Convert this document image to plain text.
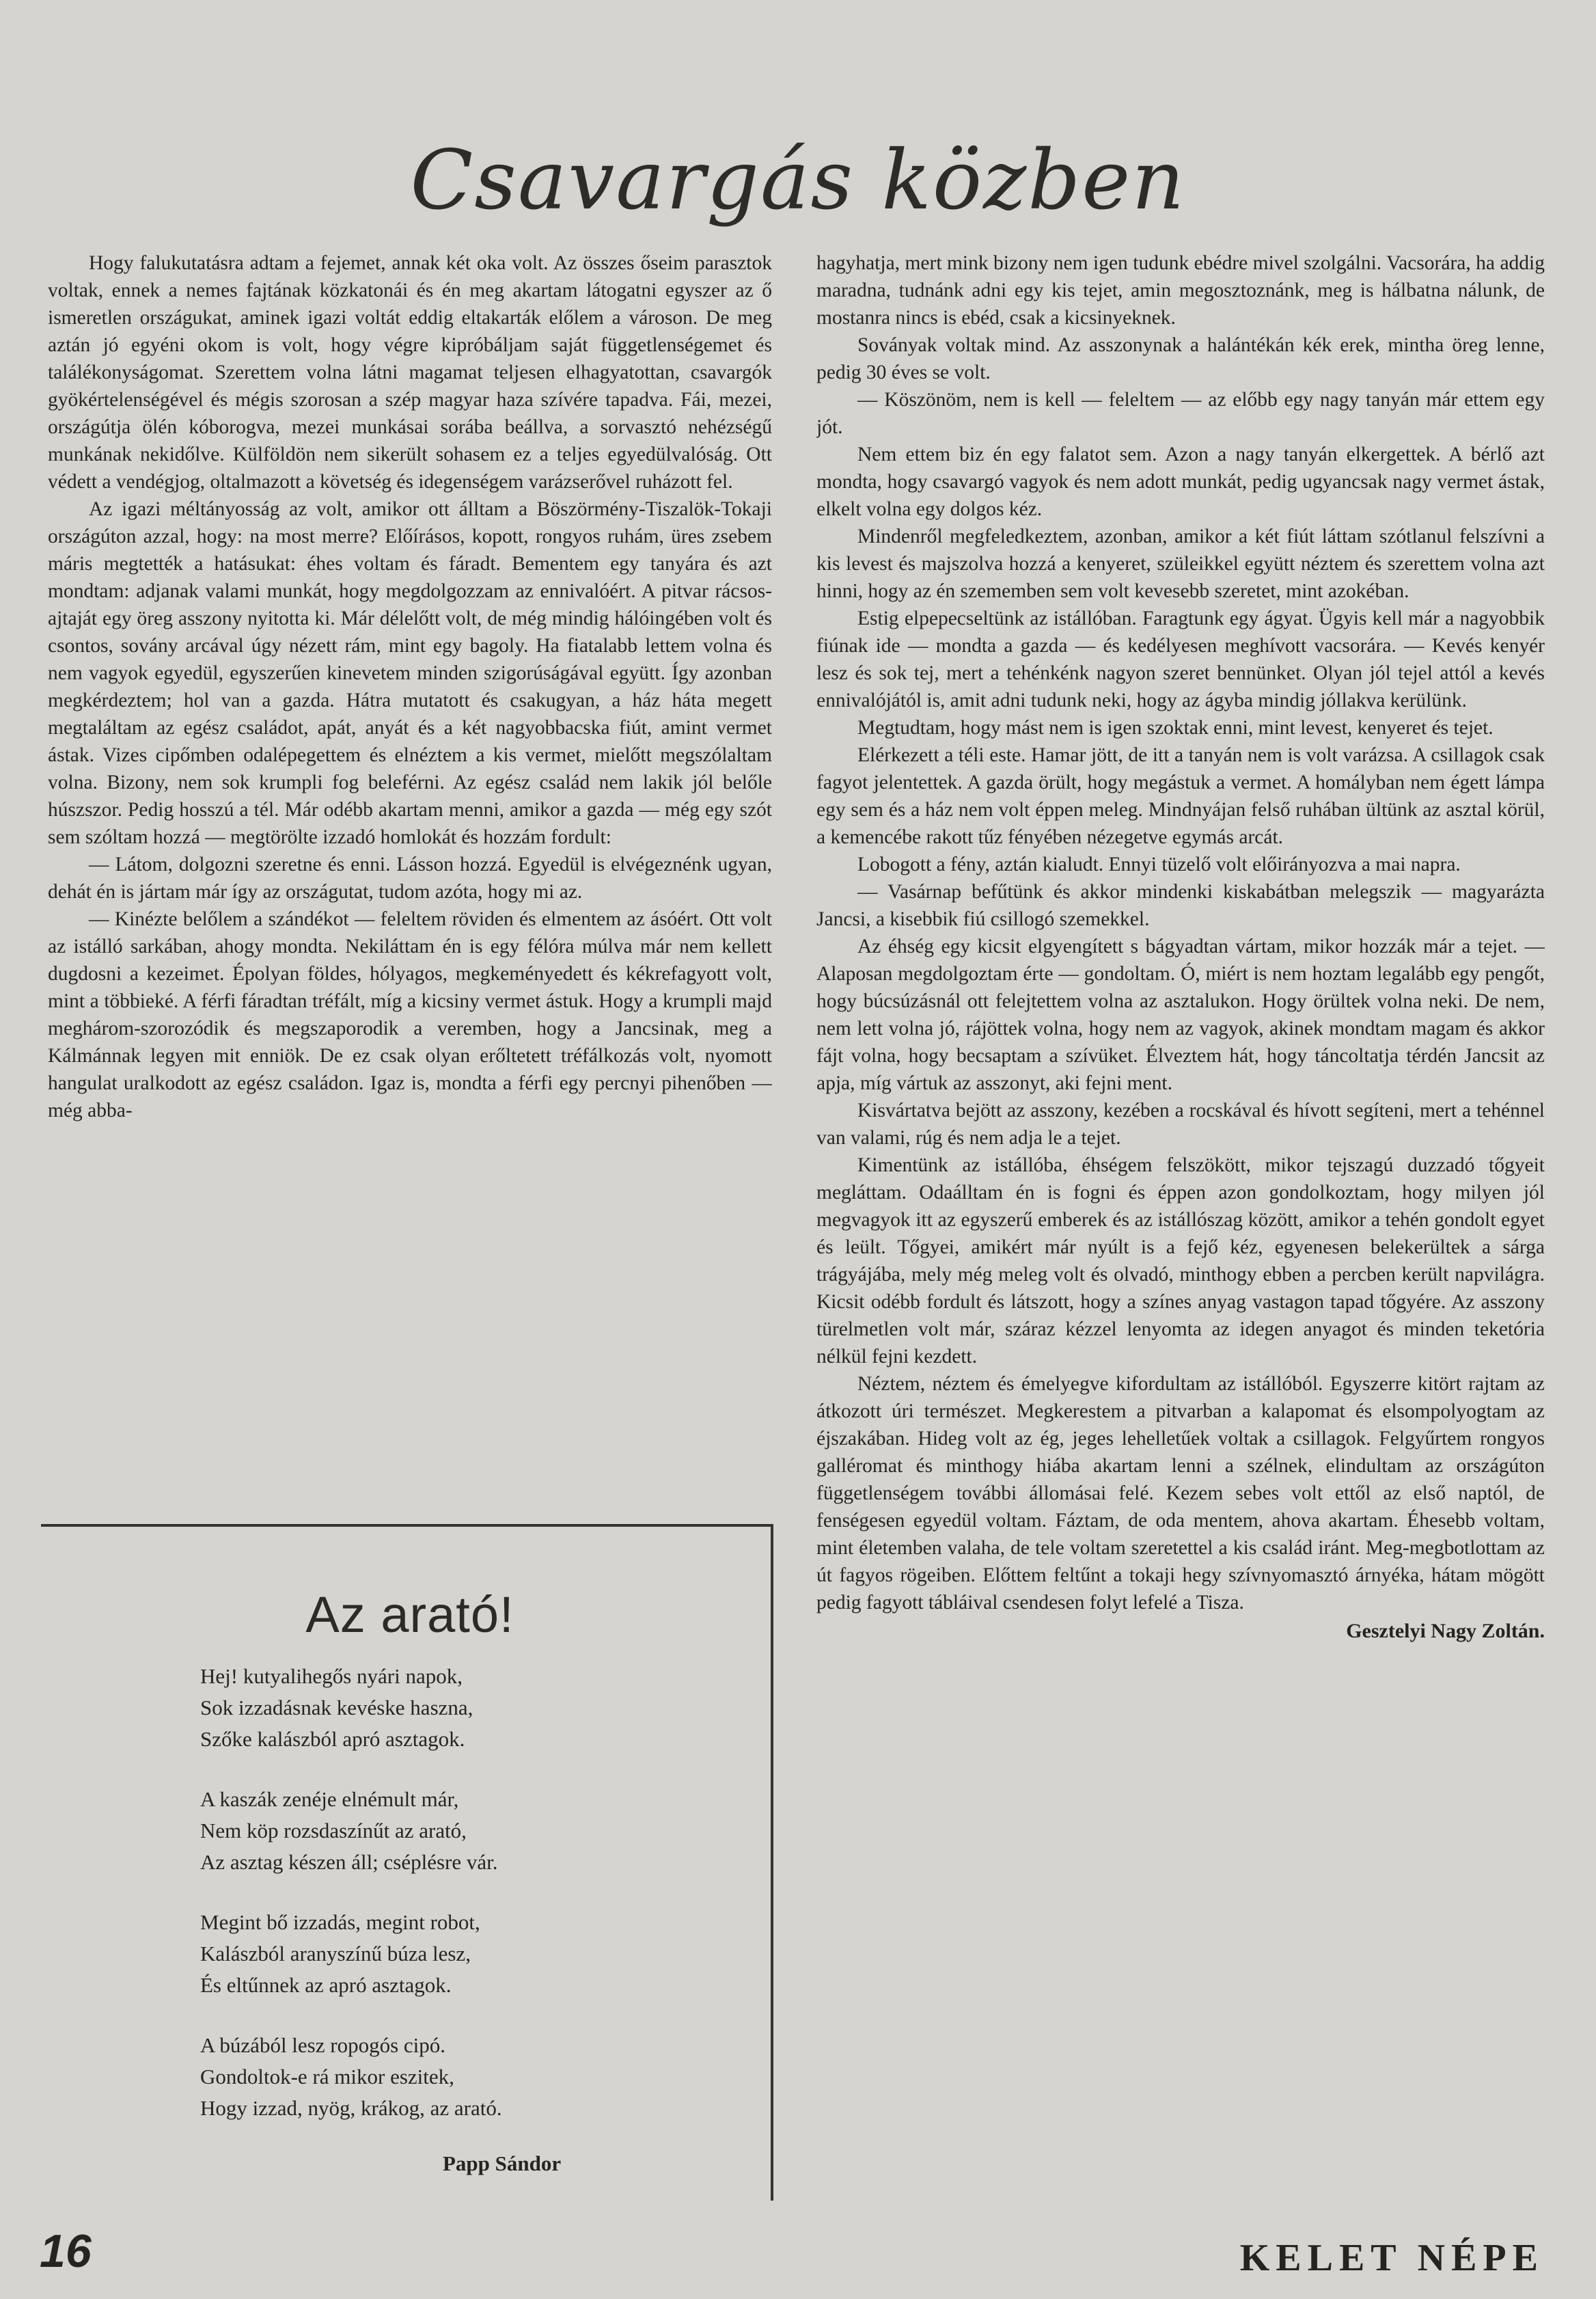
Csavargás közben

Hogy falukutatásra adtam a fejemet, annak két oka volt. Az összes őseim parasztok voltak, ennek a nemes fajtának közkatonái és én meg akartam látogatni egyszer az ő ismeretlen országukat, aminek igazi voltát eddig eltakarták előlem a városon. De meg aztán jó egyéni okom is volt, hogy végre kipróbáljam saját függetlenségemet és találékonyságomat. Szerettem volna látni magamat teljesen elhagyatottan, csavargók gyökértelenségével és mégis szorosan a szép magyar haza szívére tapadva. Fái, mezei, országútja ölén kóborogva, mezei munkásai sorába beállva, a sorvasztó nehézségű munkának nekidőlve. Külföldön nem sikerült sohasem ez a teljes egyedülvalóság. Ott védett a vendégjog, oltalmazott a követség és idegenségem varázserővel ruházott fel.

Az igazi méltányosság az volt, amikor ott álltam a Böszörmény-Tiszalök-Tokaji országúton azzal, hogy: na most merre? Előírásos, kopott, rongyos ruhám, üres zsebem máris megtették a hatásukat: éhes voltam és fáradt. Bementem egy tanyára és azt mondtam: adjanak valami munkát, hogy megdolgozzam az ennivalóért. A pitvar rácsos-ajtaját egy öreg asszony nyitotta ki. Már délelőtt volt, de még mindig hálóingében volt és csontos, sovány arcával úgy nézett rám, mint egy bagoly. Ha fiatalabb lettem volna és nem vagyok egyedül, egyszerűen kinevetem minden szigorúságával együtt. Így azonban megkérdeztem; hol van a gazda. Hátra mutatott és csakugyan, a ház háta megett megtaláltam az egész családot, apát, anyát és a két nagyobbacska fiút, amint vermet ástak. Vizes cipőmben odalépegettem és elnéztem a kis vermet, mielőtt megszólaltam volna. Bizony, nem sok krumpli fog beleférni. Az egész család nem lakik jól belőle húszszor. Pedig hosszú a tél. Már odébb akartam menni, amikor a gazda — még egy szót sem szóltam hozzá — megtörölte izzadó homlokát és hozzám fordult:

— Látom, dolgozni szeretne és enni. Lásson hozzá. Egyedül is elvégeznénk ugyan, dehát én is jártam már így az országutat, tudom azóta, hogy mi az.

— Kinézte belőlem a szándékot — feleltem röviden és elmentem az ásóért. Ott volt az istálló sarkában, ahogy mondta. Nekiláttam én is egy félóra múlva már nem kellett dugdosni a kezeimet. Épolyan földes, hólyagos, megkeményedett és kékrefagyott volt, mint a többieké. A férfi fáradtan tréfált, míg a kicsiny vermet ástuk. Hogy a krumpli majd meghárom-szorozódik és megszaporodik a veremben, hogy a Jancsinak, meg a Kálmánnak legyen mit enniök. De ez csak olyan erőltetett tréfálkozás volt, nyomott hangulat uralkodott az egész családon. Igaz is, mondta a férfi egy percnyi pihenőben — még abba-

hagyhatja, mert mink bizony nem igen tudunk ebédre mivel szolgálni. Vacsorára, ha addig maradna, tudnánk adni egy kis tejet, amin megosztoznánk, meg is hálbatna nálunk, de mostanra nincs is ebéd, csak a kicsinyeknek.

Soványak voltak mind. Az asszonynak a halántékán kék erek, mintha öreg lenne, pedig 30 éves se volt.

— Köszönöm, nem is kell — feleltem — az előbb egy nagy tanyán már ettem egy jót.

Nem ettem biz én egy falatot sem. Azon a nagy tanyán elkergettek. A bérlő azt mondta, hogy csavargó vagyok és nem adott munkát, pedig ugyancsak nagy vermet ástak, elkelt volna egy dolgos kéz.

Mindenről megfeledkeztem, azonban, amikor a két fiút láttam szótlanul felszívni a kis levest és majszolva hozzá a kenyeret, szüleikkel együtt néztem és szerettem volna azt hinni, hogy az én szememben sem volt kevesebb szeretet, mint azokéban.

Estig elpepecseltünk az istállóban. Faragtunk egy ágyat. Ügyis kell már a nagyobbik fiúnak ide — mondta a gazda — és kedélyesen meghívott vacsorára. — Kevés kenyér lesz és sok tej, mert a tehénkénk nagyon szeret bennünket. Olyan jól tejel attól a kevés ennivalójától is, amit adni tudunk neki, hogy az ágyba mindig jóllakva kerülünk.

Megtudtam, hogy mást nem is igen szoktak enni, mint levest, kenyeret és tejet.

Elérkezett a téli este. Hamar jött, de itt a tanyán nem is volt varázsa. A csillagok csak fagyot jelentettek. A gazda örült, hogy megástuk a vermet. A homályban nem égett lámpa egy sem és a ház nem volt éppen meleg. Mindnyájan felső ruhában ültünk az asztal körül, a kemencébe rakott tűz fényében nézegetve egymás arcát.

Lobogott a fény, aztán kialudt. Ennyi tüzelő volt előirányozva a mai napra.

— Vasárnap befűtünk és akkor mindenki kiskabátban melegszik — magyarázta Jancsi, a kisebbik fiú csillogó szemekkel.

Az éhség egy kicsit elgyengített s bágyadtan vártam, mikor hozzák már a tejet. — Alaposan megdolgoztam érte — gondoltam. Ó, miért is nem hoztam legalább egy pengőt, hogy búcsúzásnál ott felejtettem volna az asztalukon. Hogy örültek volna neki. De nem, nem lett volna jó, rájöttek volna, hogy nem az vagyok, akinek mondtam magam és akkor fájt volna, hogy becsaptam a szívüket. Élveztem hát, hogy táncoltatja térdén Jancsit az apja, míg vártuk az asszonyt, aki fejni ment.

Kisvártatva bejött az asszony, kezében a rocskával és hívott segíteni, mert a tehénnel van valami, rúg és nem adja le a tejet.

Kimentünk az istállóba, éhségem felszökött, mikor tejszagú duzzadó tőgyeit megláttam. Odaálltam én is fogni és éppen azon gondolkoztam, hogy milyen jól megvagyok itt az egyszerű emberek és az istállószag között, amikor a tehén gondolt egyet és leült. Tőgyei, amikért már nyúlt is a fejő kéz, egyenesen belekerültek a sárga trágyájába, mely még meleg volt és olvadó, minthogy ebben a percben került napvilágra. Kicsit odébb fordult és látszott, hogy a színes anyag vastagon tapad tőgyére. Az asszony türelmetlen volt már, száraz kézzel lenyomta az idegen anyagot és minden teketória nélkül fejni kezdett.

Néztem, néztem és émelyegve kifordultam az istállóból. Egyszerre kitört rajtam az átkozott úri természet. Megkerestem a pitvarban a kalapomat és elsompolyogtam az éjszakában. Hideg volt az ég, jeges lehelletűek voltak a csillagok. Felgyűrtem rongyos galléromat és minthogy hiába akartam lenni a szélnek, elindultam az országúton függetlenségem további állomásai felé. Kezem sebes volt ettől az első naptól, de fenségesen egyedül voltam. Fáztam, de oda mentem, ahova akartam. Éhesebb voltam, mint életemben valaha, de tele voltam szeretettel a kis család iránt. Meg-megbotlottam az út fagyos rögeiben. Előttem feltűnt a tokaji hegy szívnyomasztó árnyéka, hátam mögött pedig fagyott tábláival csendesen folyt lefelé a Tisza.

Gesztelyi Nagy Zoltán.
Az arató!
Hej! kutyalihegős nyári napok,
Sok izzadásnak kevéske haszna,
Szőke kalászból apró asztagok.
A kaszák zenéje elnémult már,
Nem köp rozsdaszínűt az arató,
Az asztag készen áll; cséplésre vár.
Megint bő izzadás, megint robot,
Kalászból aranyszínű búza lesz,
És eltűnnek az apró asztagok.
A búzából lesz ropogós cipó.
Gondoltok-e rá mikor eszitek,
Hogy izzad, nyög, krákog, az arató.
Papp Sándor
16	KELET NÉPE
